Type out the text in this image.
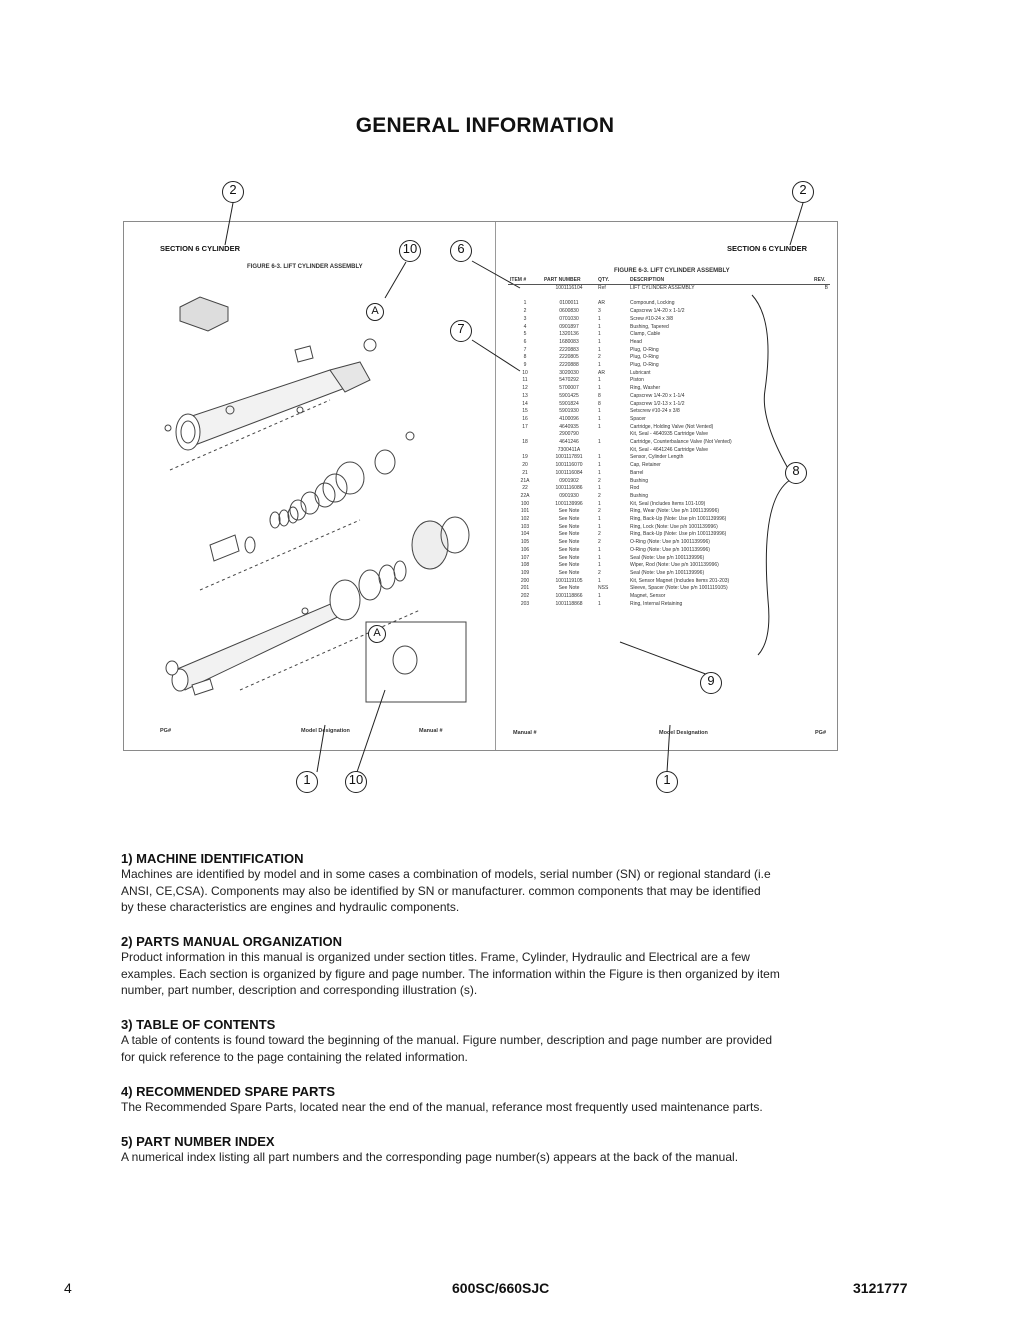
GENERAL INFORMATION
SECTION 6 CYLINDER	SECTION 6 CYLINDER
FIGURE 6-3. LIFT CYLINDER ASSEMBLY
FIGURE 6-3. LIFT CYLINDER ASSEMBLY
2	2
10	6
7
8
9
1	10	1
A
A
ITEM #	PART NUMBER	QTY.	DESCRIPTION	REV.
	1001116104	Ref	LIFT CYLINDER ASSEMBLY	B

1	0100011	AR	Compound, Locking	
2	0600830	3	Capscrew 1/4-20 x 1-1/2	
3	0701030	1	Screw #10-24 x 3/8	
4	0901897	1	Bushing, Tapered	
5	1320136	1	Clamp, Cable	
6	1680083	1	Head	
7	2220883	1	Plug, O-Ring	
8	2220805	2	Plug, O-Ring	
9	2220888	1	Plug, O-Ring	
10	3020030	AR	Lubricant	
11	5470292	1	Piston	
12	5700007	1	Ring, Washer	
13	5901425	8	Capscrew 1/4-20 x 1-1/4	
14	5901824	8	Capscrew 1/2-13 x 1-1/2	
15	5901930	1	Setscrew #10-24 x 3/8	
16	4100096	1	Spacer	
17	4640935	1	Cartridge, Holding Valve (Not Vented)	
	2900790		Kit, Seal - 4640935 Cartridge Valve	
18	4641246	1	Cartridge, Counterbalance Valve (Not Vented)	
	7300411A		Kit, Seal - 4641246 Cartridge Valve	
19	1001117891	1	Sensor, Cylinder Length	
20	1001116070	1	Cap, Retainer	
21	1001116084	1	Barrel	
21A	0901902	2	Bushing	
22	1001116086	1	Rod	
22A	0901930	2	Bushing	
100	1001139996	1	Kit, Seal (Includes Items 101-109)	
101	See Note	2	Ring, Wear (Note: Use p/n 1001139996)	
102	See Note	1	Ring, Back-Up (Note: Use p/n 1001139996)	
103	See Note	1	Ring, Lock (Note: Use p/n 1001139996)	
104	See Note	2	Ring, Back-Up (Note: Use p/n 1001139996)	
105	See Note	2	O-Ring (Note: Use p/n 1001139996)	
106	See Note	1	O-Ring (Note: Use p/n 1001139996)	
107	See Note	1	Seal (Note: Use p/n 1001139996)	
108	See Note	1	Wiper, Rod (Note: Use p/n 1001139996)	
109	See Note	2	Seal (Note: Use p/n 1001139996)	
200	1001119105	1	Kit, Sensor Magnet (Includes Items 201-203)	
201	See Note	NSS	Sleeve, Spacer (Note: Use p/n 1001119105)	
202	1001118866	1	Magnet, Sensor	
203	1001118868	1	Ring, Internal Retaining	
PG#	Model Designation	Manual #	Manual #	Model Designation	PG#
1) MACHINE IDENTIFICATION

Machines are identified by model and in some cases a combination of models, serial number (SN) or regional standard (i.e

ANSI, CE,CSA). Components may also be identified by SN or manufacturer. common components that may be identified

by these characteristics are engines and hydraulic components.

2) PARTS MANUAL ORGANIZATION

Product information in this manual is organized under section titles. Frame, Cylinder, Hydraulic and Electrical are a few

examples. Each section is organized by figure and page number. The information within the Figure is then organized by item

number, part number, description and corresponding illustration (s).

3) TABLE OF CONTENTS

A table of contents is found toward the beginning of the manual. Figure number, description and page number are provided

for quick reference to the page containing the related information.

4) RECOMMENDED SPARE PARTS

The Recommended Spare Parts, located near the end of the manual, referance most frequently used maintenance parts.

5) PART NUMBER INDEX

A numerical index listing all part numbers and the corresponding page number(s) appears at the back of the manual.

4	600SC/660SJC	3121777
